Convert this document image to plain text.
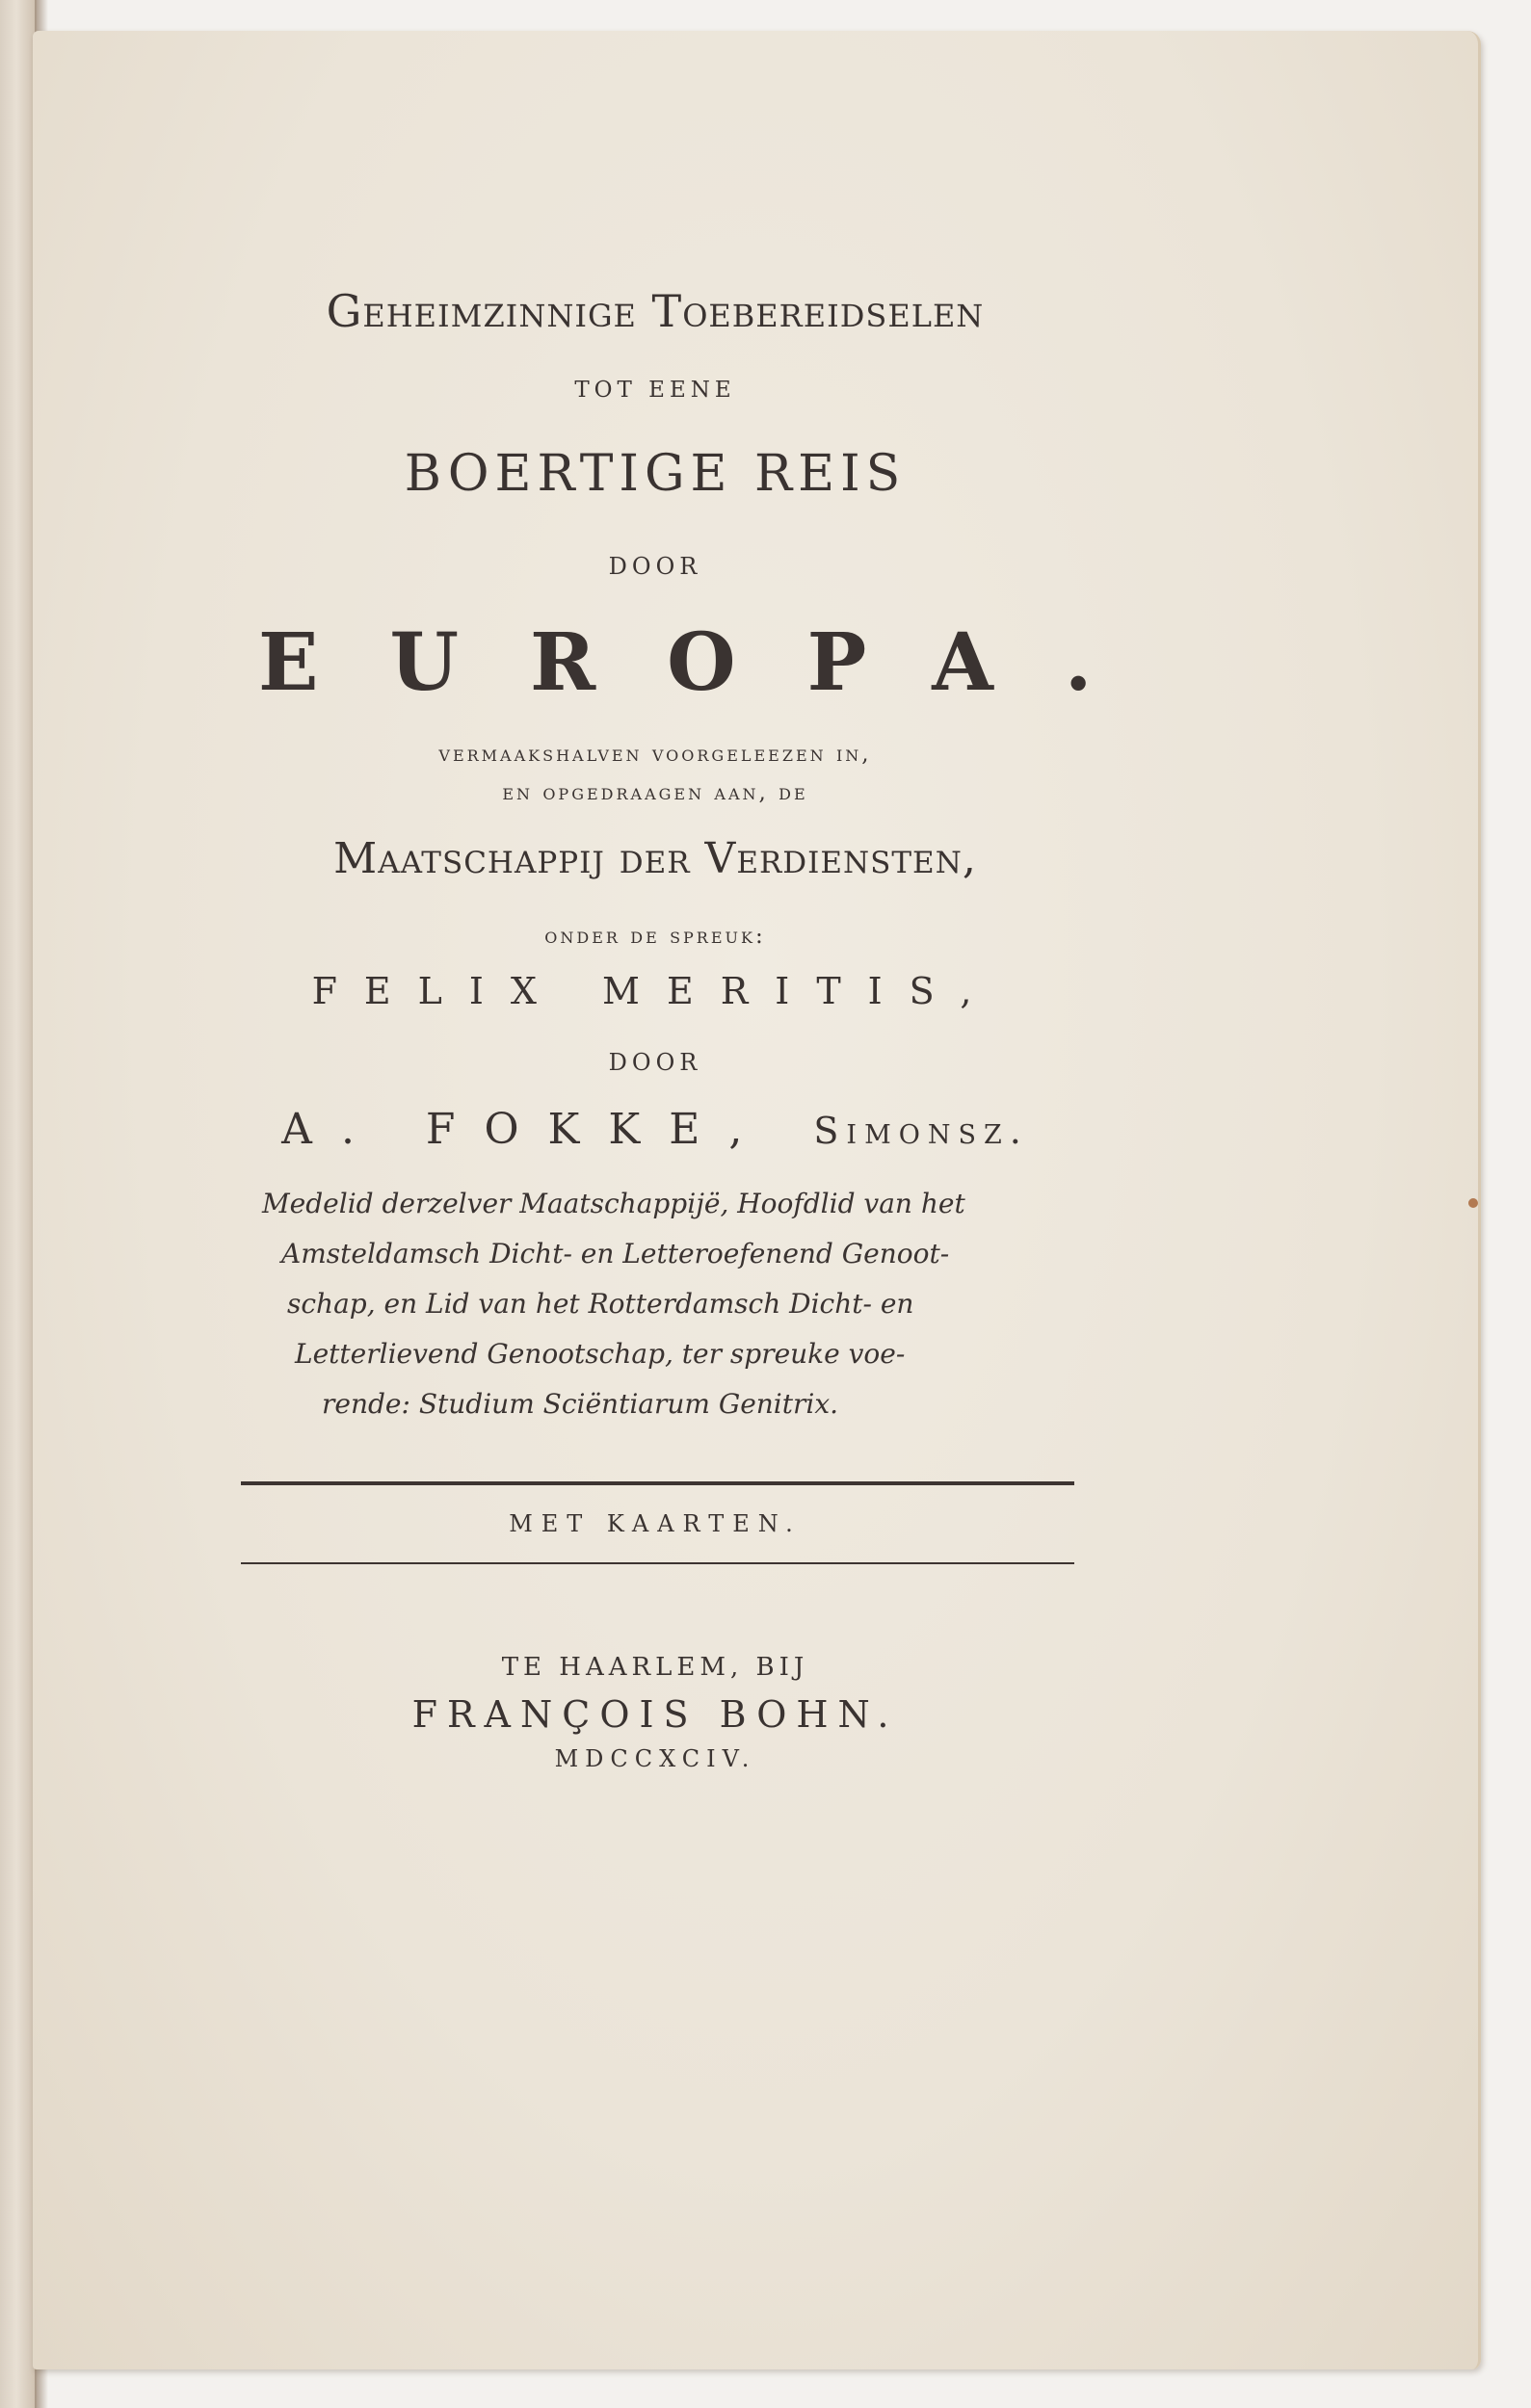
Geheimzinnige Toebereidselen

TOT EENE

BOERTIGE REIS

DOOR

EUROPA.

vermaakshalven voorgeleezen in,

en opgedraagen aan, de

Maatschappij der Verdiensten,

onder de spreuk:

FELIX MERITIS,

DOOR

A. FOKKE, Simonsz.

Medelid derzelver Maatschappijë, Hoofdlid van het
Amsteldamsch Dicht- en Letteroefenend Genoot-
schap, en Lid van het Rotterdamsch Dicht- en
Letterlievend Genootschap, ter spreuke voe-
rende: Studium Sciëntiarum Genitrix.

MET KAARTEN.

TE HAARLEM, BIJ

FRANÇOIS BOHN.

MDCCXCIV.
